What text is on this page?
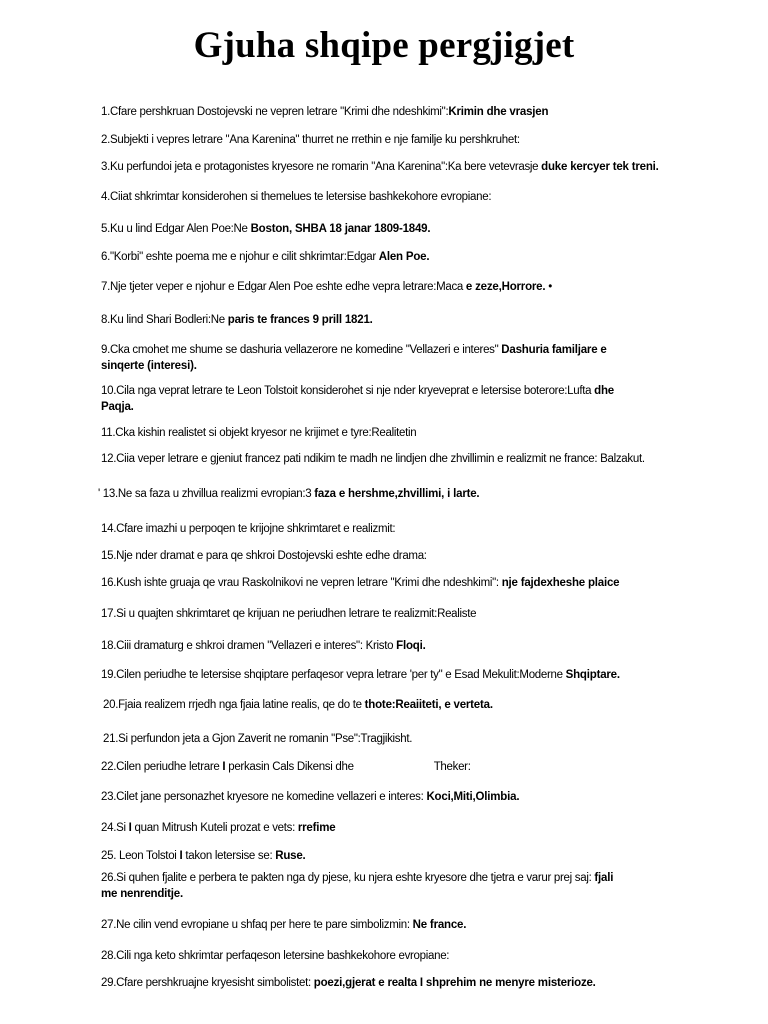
Gjuha shqipe pergjigjet
1.Cfare pershkruan Dostojevski ne vepren letrare "Krimi dhe ndeshkimi":Krimin dhe vrasjen
2.Subjekti i vepres letrare "Ana Karenina" thurret ne rrethin e nje familje ku pershkruhet:
3.Ku perfundoi jeta e protagonistes kryesore ne romarin "Ana Karenina":Ka bere vetevrasje duke kercyer tek treni.
4.Ciiat shkrimtar konsiderohen si themelues te letersise bashkekohore evropiane:
5.Ku u lind Edgar Alen Poe:Ne Boston, SHBA 18 janar 1809-1849.
6."Korbi" eshte poema me e njohur e cilit shkrimtar:Edgar Alen Poe.
7.Nje tjeter veper e njohur e Edgar Alen Poe eshte edhe vepra letrare:Maca e zeze,Horrore. •
8.Ku lind Shari Bodleri:Ne paris te frances 9 prill 1821.
9.Cka cmohet me shume se dashuria vellazerore ne komedine "Vellazeri e interes" Dashuria familjare e sinqerte (interesi).
10.Cila nga veprat letrare te Leon Tolstoit konsiderohet si nje nder kryeveprat e letersise boterore:Lufta dhe Paqja.
11.Cka kishin realistet si objekt kryesor ne krijimet e tyre:Realitetin
12.Ciia veper letrare e gjeniut francez pati ndikim te madh ne lindjen dhe zhvillimin e realizmit ne france: Balzakut.
' 13.Ne sa faza u zhvillua realizmi evropian:3 faza e hershme,zhvillimi, i larte.
14.Cfare imazhi u perpoqen te krijojne shkrimtaret e realizmit:
15.Nje nder dramat e para qe shkroi Dostojevski eshte edhe drama:
16.Kush ishte gruaja qe vrau Raskolnikovi ne vepren letrare "Krimi dhe ndeshkimi": nje fajdexheshe plaice
17.Si u quajten shkrimtaret qe krijuan ne periudhen letrare te realizmit:Realiste
18.Ciii dramaturg e shkroi dramen "Vellazeri e interes": Kristo Floqi.
19.Cilen periudhe te letersise shqiptare perfaqesor vepra letrare 'per ty" e Esad Mekulit:Moderne Shqiptare.
20.Fjaia realizem rrjedh nga fjaia latine realis, qe do te thote:Reaiiteti, e verteta.
21.Si perfundon jeta a Gjon Zaverit ne romanin "Pse":Tragjikisht.
22.Cilen periudhe letrare I perkasin Cals Dikensi dhe	Theker:
23.Cilet jane personazhet kryesore ne komedine vellazeri e interes: Koci,Miti,Olimbia.
24.Si I quan Mitrush Kuteli prozat e vets: rrefime
25. Leon Tolstoi I takon letersise se: Ruse.
26.Si quhen fjalite e perbera te pakten nga dy pjese, ku njera eshte kryesore dhe tjetra e varur prej saj: fjali me nenrenditje.
27.Ne cilin vend evropiane u shfaq per here te pare simbolizmin: Ne france.
28.Cili nga keto shkrimtar perfaqeson letersine bashkekohore evropiane:
29.Cfare pershkruajne kryesisht simbolistet: poezi,gjerat e realta I shprehim ne menyre misterioze.
